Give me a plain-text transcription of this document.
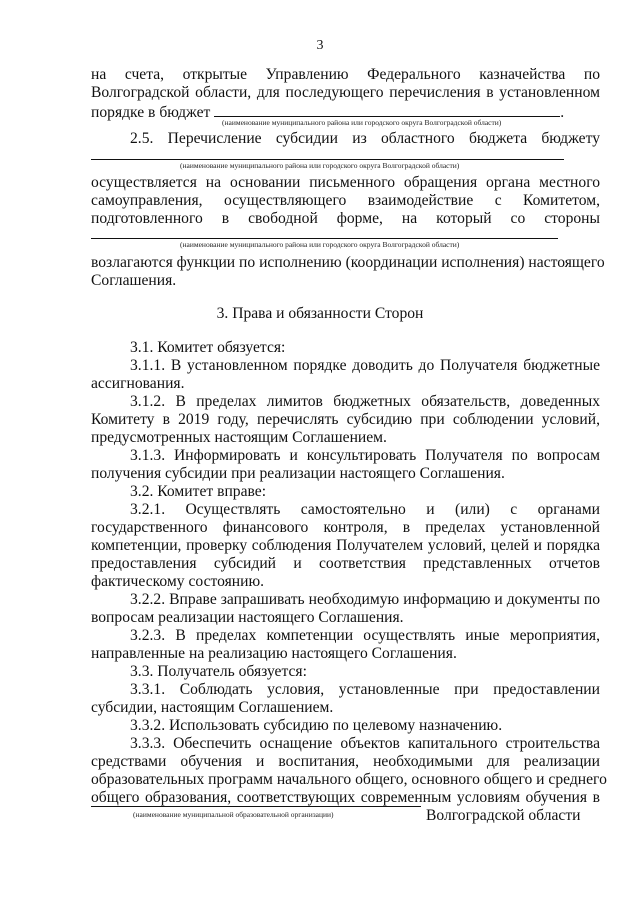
3
на счета, открытые Управлению Федерального казначейства по
Волгоградской области, для последующего перечисления в установленном
порядке в бюджет	.
(наименование муниципального района или городского округа Волгоградской области)
2.5. Перечисление субсидии из областного бюджета бюджету
(наименование муниципального района или городского округа Волгоградской области)
осуществляется на основании письменного обращения органа местного
самоуправления, осуществляющего взаимодействие с Комитетом,
подготовленного в свободной форме, на который со стороны
(наименование муниципального района или городского округа Волгоградской области)
возлагаются функции по исполнению (координации исполнения) настоящего
Соглашения.
3. Права и обязанности Сторон
3.1. Комитет обязуется:
3.1.1. В установленном порядке доводить до Получателя бюджетные
ассигнования.
3.1.2. В пределах лимитов бюджетных обязательств, доведенных
Комитету в 2019 году, перечислять субсидию при соблюдении условий,
предусмотренных настоящим Соглашением.
3.1.3. Информировать и консультировать Получателя по вопросам
получения субсидии при реализации настоящего Соглашения.
3.2. Комитет вправе:
3.2.1. Осуществлять самостоятельно и (или) с органами
государственного финансового контроля, в пределах установленной
компетенции, проверку соблюдения Получателем условий, целей и порядка
предоставления субсидий и соответствия представленных отчетов
фактическому состоянию.
3.2.2. Вправе запрашивать необходимую информацию и документы по
вопросам реализации настоящего Соглашения.
3.2.3. В пределах компетенции осуществлять иные мероприятия,
направленные на реализацию настоящего Соглашения.
3.3. Получатель обязуется:
3.3.1. Соблюдать условия, установленные при предоставлении
субсидии, настоящим Соглашением.
3.3.2. Использовать субсидию по целевому назначению.
3.3.3. Обеспечить оснащение объектов капитального строительства
средствами обучения и воспитания, необходимыми для реализации
образовательных программ начального общего, основного общего и среднего
общего образования, соответствующих современным условиям обучения в
Волгоградской области
(наименование муниципальной образовательной организации)
